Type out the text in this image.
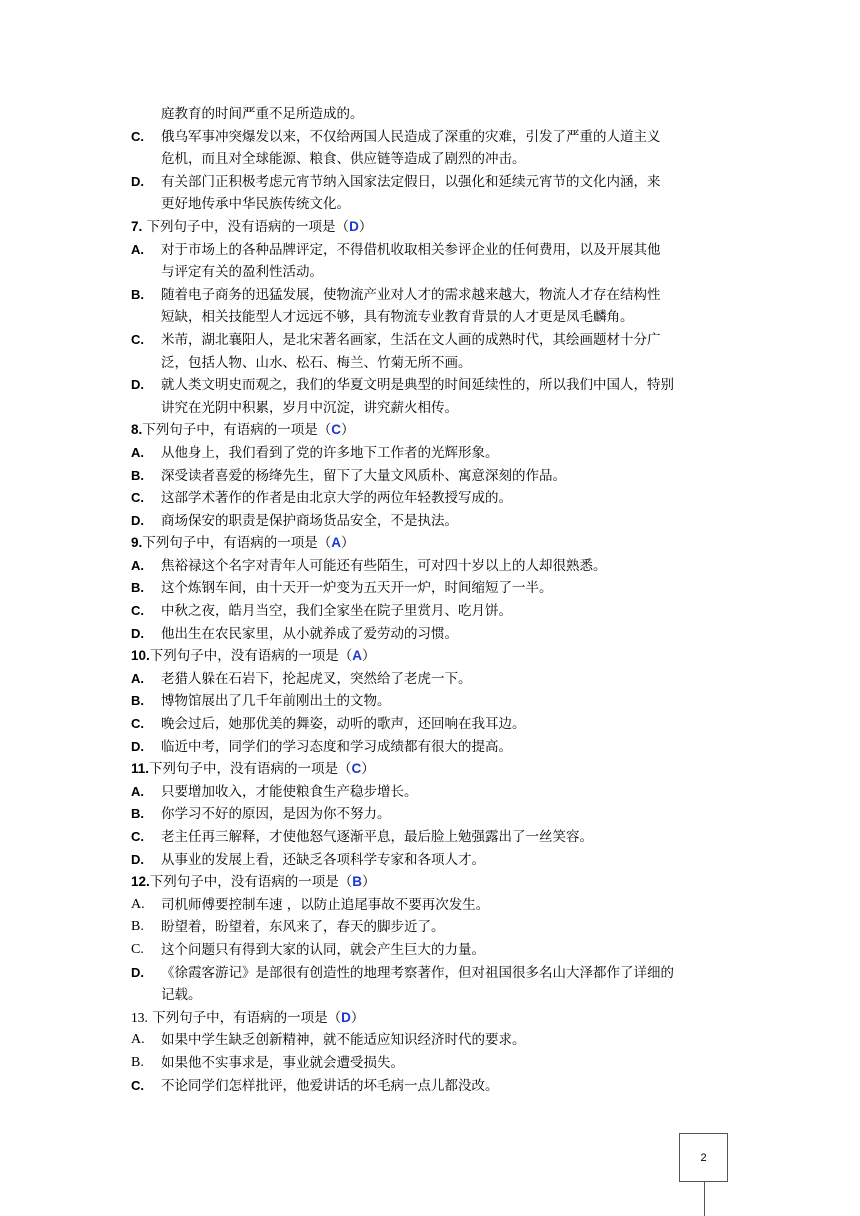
庭教育的时间严重不足所造成的。
C.	俄乌军事冲突爆发以来，不仅给两国人民造成了深重的灾难，引发了严重的人道主义
危机，而且对全球能源、粮食、供应链等造成了剧烈的冲击。
D.	有关部门正积极考虑元宵节纳入国家法定假日，以强化和延续元宵节的文化内涵，来
更好地传承中华民族传统文化。
7. 下列句子中，没有语病的一项是（D）
A.	对于市场上的各种品牌评定，不得借机收取相关参评企业的任何费用，以及开展其他
与评定有关的盈利性活动。
B.	随着电子商务的迅猛发展，使物流产业对人才的需求越来越大，物流人才存在结构性
短缺，相关技能型人才远远不够，具有物流专业教育背景的人才更是凤毛麟角。
C.	米芾，湖北襄阳人，是北宋著名画家，生活在文人画的成熟时代，其绘画题材十分广
泛，包括人物、山水、松石、梅兰、竹菊无所不画。
D.	就人类文明史而观之，我们的华夏文明是典型的时间延续性的，所以我们中国人，特别
讲究在光阴中积累，岁月中沉淀，讲究薪火相传。
8.下列句子中，有语病的一项是（C）
A.	从他身上，我们看到了党的许多地下工作者的光辉形象。
B.	深受读者喜爱的杨绛先生，留下了大量文风质朴、寓意深刻的作品。
C.	这部学术著作的作者是由北京大学的两位年轻教授写成的。
D.	商场保安的职责是保护商场货品安全，不是执法。
9.下列句子中，有语病的一项是（A）
A.	焦裕禄这个名字对青年人可能还有些陌生，可对四十岁以上的人却很熟悉。
B.	这个炼钢车间，由十天开一炉变为五天开一炉，时间缩短了一半。
C.	中秋之夜，皓月当空，我们全家坐在院子里赏月、吃月饼。
D.	他出生在农民家里，从小就养成了爱劳动的习惯。
10.下列句子中，没有语病的一项是（A）
A.	老猎人躲在石岩下，抡起虎叉，突然给了老虎一下。
B.	博物馆展出了几千年前刚出土的文物。
C.	晚会过后，她那优美的舞姿，动听的歌声，还回响在我耳边。
D.	临近中考，同学们的学习态度和学习成绩都有很大的提高。
11.下列句子中，没有语病的一项是（C）
A.	只要增加收入，才能使粮食生产稳步增长。
B.	你学习不好的原因，是因为你不努力。
C.	老主任再三解释，才使他怒气逐渐平息，最后脸上勉强露出了一丝笑容。
D.	从事业的发展上看，还缺乏各项科学专家和各项人才。
12.下列句子中，没有语病的一项是（B）
A.	司机师傅要控制车速 ，以防止追尾事故不要再次发生。
B.	盼望着，盼望着，东风来了，春天的脚步近了。
C.	这个问题只有得到大家的认同，就会产生巨大的力量。
D.	《徐霞客游记》是部很有创造性的地理考察著作，但对祖国很多名山大泽都作了详细的
记载。
13. 下列句子中，有语病的一项是（D）
A.	如果中学生缺乏创新精神，就不能适应知识经济时代的要求。
B.	如果他不实事求是，事业就会遭受损失。
C.	不论同学们怎样批评，他爱讲话的坏毛病一点儿都没改。
2
